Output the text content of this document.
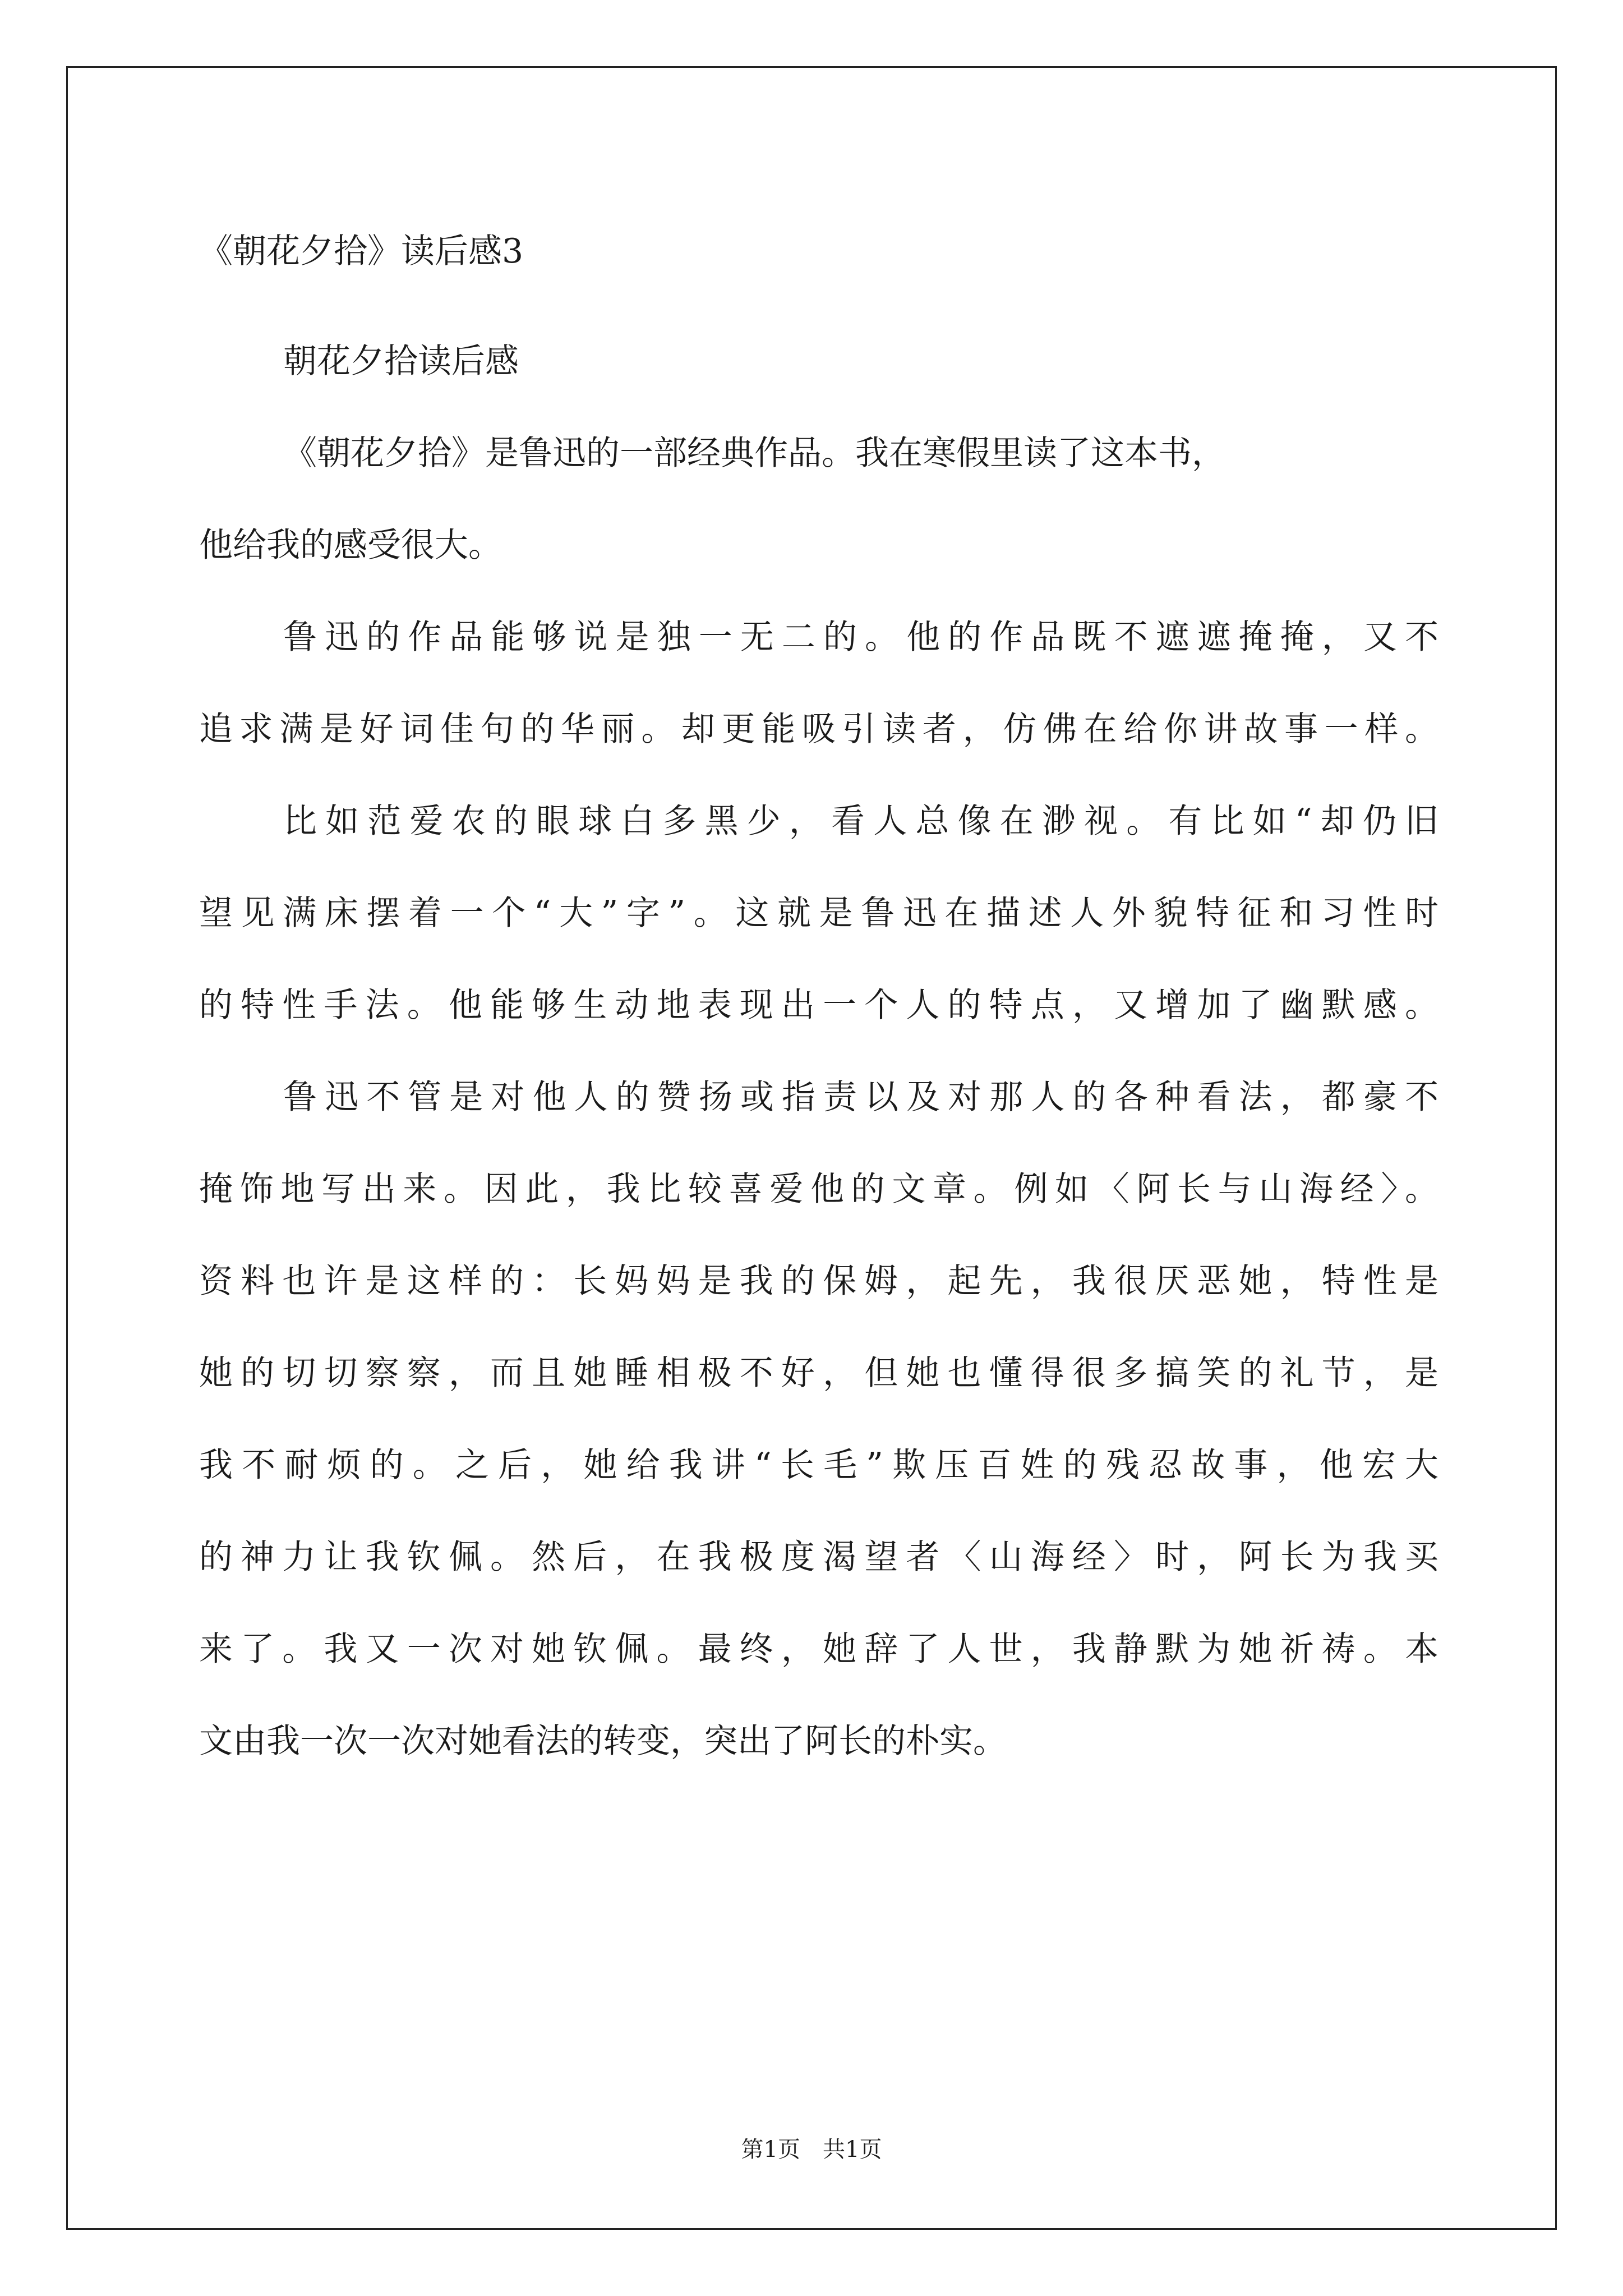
《朝花夕拾》读后感3
朝花夕拾读后感
《朝花夕拾》是鲁迅的一部经典作品。我在寒假里读了这本书，
他给我的感受很大。
鲁迅的作品能够说是独一无二的。他的作品既不遮遮掩掩，又不
追求满是好词佳句的华丽。却更能吸引读者，仿佛在给你讲故事一样。
比如范爱农的眼球白多黑少，看人总像在渺视。有比如“却仍旧
望见满床摆着一个“大”字”。这就是鲁迅在描述人外貌特征和习性时
的特性手法。他能够生动地表现出一个人的特点，又增加了幽默感。
鲁迅不管是对他人的赞扬或指责以及对那人的各种看法，都豪不
掩饰地写出来。因此，我比较喜爱他的文章。例如〈阿长与山海经〉。
资料也许是这样的：长妈妈是我的保姆，起先，我很厌恶她，特性是
她的切切察察，而且她睡相极不好，但她也懂得很多搞笑的礼节，是
我不耐烦的。之后，她给我讲“长毛”欺压百姓的残忍故事，他宏大
的神力让我钦佩。然后，在我极度渴望者〈山海经〉时，阿长为我买
来了。我又一次对她钦佩。最终，她辞了人世，我静默为她祈祷。本
文由我一次一次对她看法的转变，突出了阿长的朴实。
第1页 共1页
